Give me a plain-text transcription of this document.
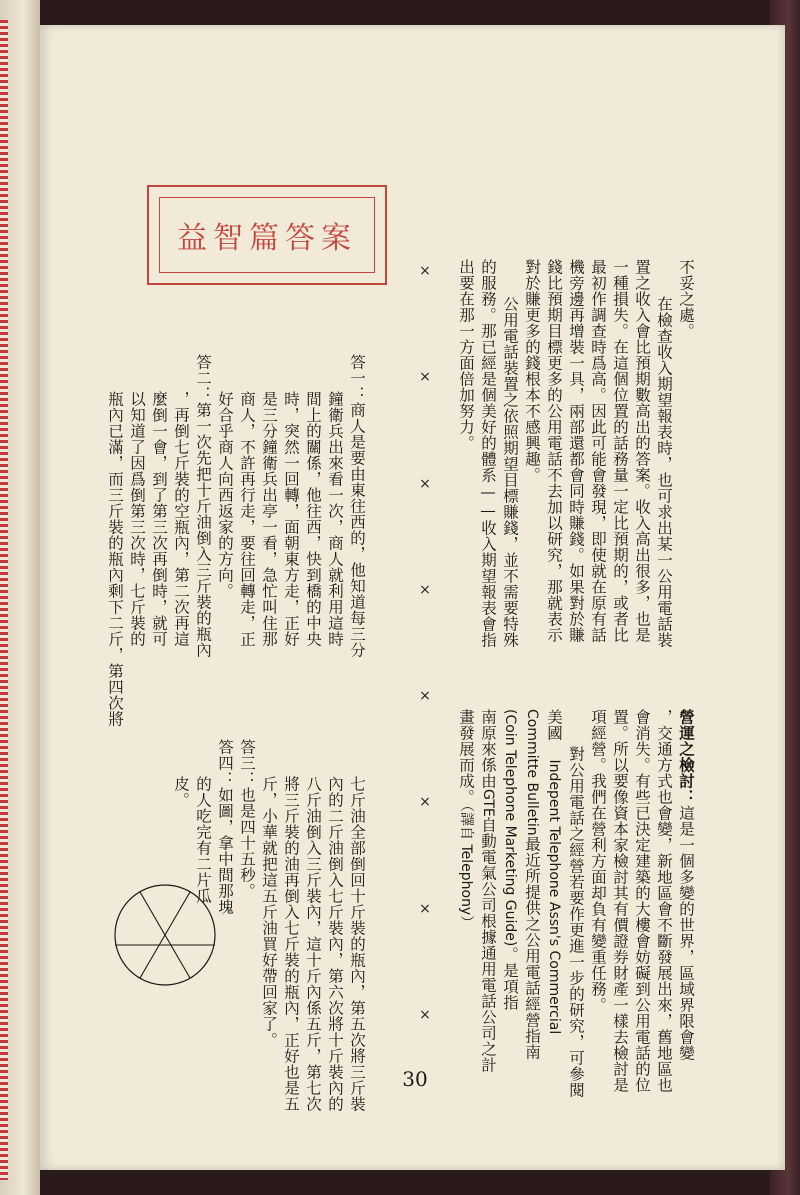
不妥之處。
在檢查收入期望報表時，也可求出某一公用電話裝
置之收入會比預期數高出的答案。收入高出很多，也是
一種損失。在這個位置的話務量一定比預期的，或者比
最初作調查時爲高。因此可能會發現，即使就在原有話
機旁邊再增裝一具，兩部還都會同時賺錢。如果對於賺
錢比預期目標更多的公用電話不去加以研究，那就表示
對於賺更多的錢根本不感興趣。
公用電話裝置之依照期望目標賺錢，並不需要特殊
的服務。那已經是個美好的體系——收入期望報表會指
出要在那一方面倍加努力。

營運之檢討：這是一個多變的世界，區域界限會變
，交通方式也會變，新地區會不斷發展出來，舊地區也
會消失。有些已決定建築的大樓會妨礙到公用電話的位
置。所以要像資本家檢討其有價證券財產一樣去檢討是
項經營。我們在營利方面却負有變重任務。
對公用電話之經營若要作更進一步的研究，可參閱
美國 Indepent Telephone Assn's Commercial
Committe Bulletin最近所提供之公用電話經營指南
(Coin Telephone Marketing Guide)。是項指
南原來係由GTE自動電氣公司根據通用電話公司之計
畫發展而成。（譯自 Telephony）

×
×
×
×
×
×
×
×
益智篇答案

答一：商人是要由東往西的，他知道每三分
鐘衛兵出來看一次，商人就利用這時
間上的關係，他往西，快到橋的中央
時，突然一回轉，面朝東方走，正好
是三分鐘衛兵出亭一看，急忙叫住那
商人，不許再行走，要往回轉走，正
好合乎商人向西返家的方向。
答二：第一次先把十斤油倒入三斤裝的瓶內
，再倒七斤裝的空瓶內，第二次再這
麼倒一會，到了第三次再倒時，就可
以知道了因爲倒第三次時，七斤裝的
瓶內已滿，而三斤裝的瓶內剩下二斤，第四次將

七斤油全部倒回十斤裝的瓶內，第五次將三斤裝
內的二斤油倒入七斤裝內，第六次將十斤裝內的
八斤油倒入三斤裝內，這十斤內係五斤，第七次
將三斤裝的油再倒入七斤裝的瓶內，正好也是五
斤，小華就把這五斤油買好帶回家了。
答三：也是四十五秒。
答四：如圖，拿中間那塊
的人吃完有二片瓜
皮。

30
